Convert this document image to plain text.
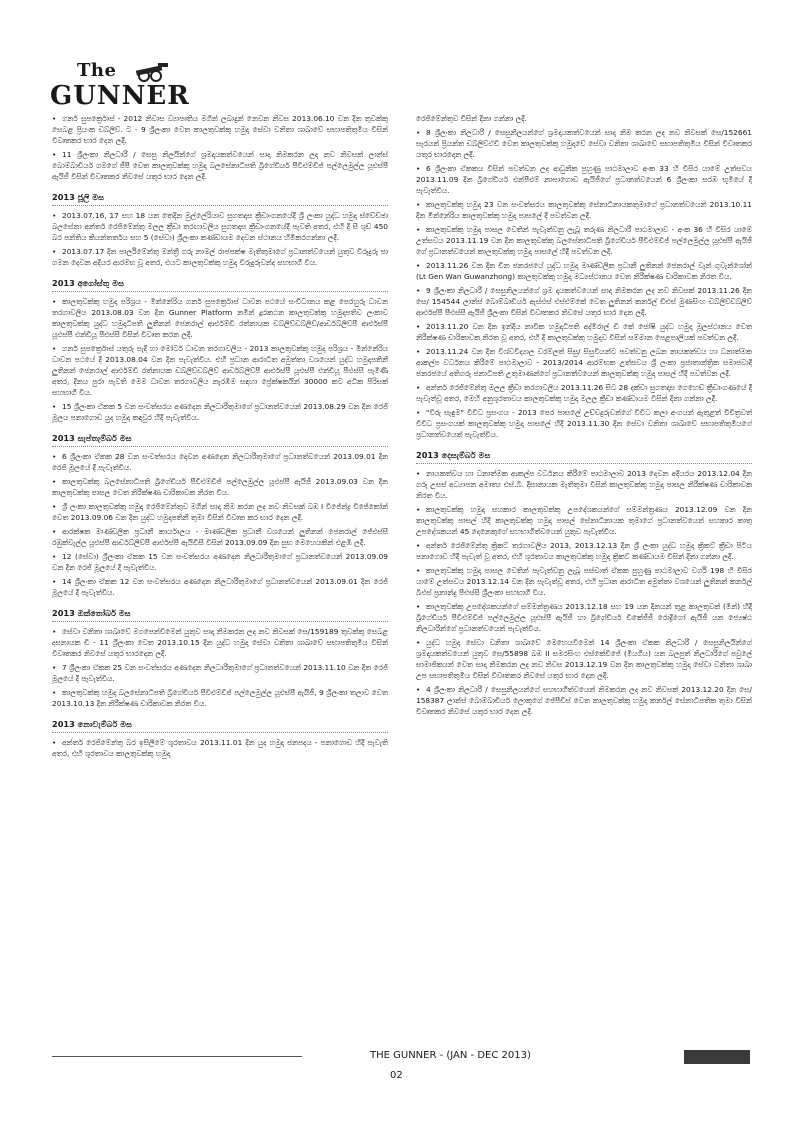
The
GUNNER

• ගනර් සුපර්ක්‍රොස් - 2012 නිවාස ව්‍යාපෘතිය මගින් ලබාදුන් නෙවන නිවස 2013.06.10 වන දින තුවක්කු සෙබළ ප්‍රියංක ඩබ්ලිව්. ට - 9 ශ්‍රීලංකා වෙත කාලතුවක්කු හමුදා සේවා වනිතා ශාඛාවේ සභාපතිතුමිය විසින් විවෘතකර භාර දෙන ලදී.

• 11 ශ්‍රීලංකා නිලධාරී / සෙසු නිලයින්ගේ ශ්‍රමදායකත්වයෙන් සාදා නිමකරන ලද නව නිවසක් ලාන්ස් බොම්බාඩියර් ගමගේ ජීපී වෙත කාලතුවක්කු හමුදා බලසේනාධිපති බ්‍රිගේඩියර් පීවීඑම්ඩීජ් පල්ලෙමුල්ල යූඑස්පී ඇයිජී විසින් විවෘතකර නිවසේ යතුර භාර දෙන ලදී.

2013 ජූලි මස

• 2013.07.16, 17 සහ 18 යන තෙදින මුල්ලේරියාව සුගතදාස ක්‍රීඩාංගනයේදී ශ්‍රී ලංකා යුද්ධ හමුදා ස්වේච්ඡා බලසේනා අන්තර් රෙජිමේන්තු මලල ක්‍රීඩා තරඟාවලිය සුගතදාස ක්‍රීඩාංගනයේදී පැවති අතර, එහි දී සී ශූඩ් 450 බර පන්තිය කියන්තර්තය සහ 5 (සේවා) ශ්‍රීලංකා කණ්ඩායම දෙවන ස්ථානය හිමිකරගන්නා ලදී.

• 2013.07.17 දින පාර්ලිමේන්තු මන්ත්‍රී ගරු නාමල් රාජපක්ෂ මැතිතුමාගේ ප්‍රධානත්වයෙන් යුතුව විරුදුරු පා ගමන දෙවන අදියර ආරම්භ වූ අතර, එයට කාලතුවක්කු හමුදා විරුදුරුවන්ද සහභාගී විය.

2013 අගෝස්තු මස

• කාලතුවක්කු හමුදා පරිශ්‍රය - මින්නේරිය ගනර් සුපර්ක්‍රොස් ධාවන පථයේ සංවිධානය කළ පෙරහුරු ධාවන තරගාවලිය 2013.08.03 වන දින Gunner Platform නමින් දූරකථන කාලතුවක්කු හමුදාපතිව ලංකාව කාලතුවක්කු යුද්ධ හමුදාධිපති ලුතිනන් ජෙනරාල් ආර්එම්ඩී රත්නායක ඩබ්ලිව්ඩබ්ලිව්/ආර්ඩබ්ලිව්පී ආර්එස්පී යූඑස්පී එන්ඩියූ පීඑස්සී විසින් විවෘත කරන ලදී.

• ගනර් සුපර්ක්‍රොස් යතුරු පැදි හා මෝටර් ධාවන තරගාවලිය - 2013 කාලතුවක්කු හමුදා පරිශ්‍රය - මින්නේරිය ධාවන පථයේ දී 2013.08.04 වන දින පැවැත්විය. එහි ප්‍රධාන ආරාධිත අමුත්තා වශයෙන් යුද්ධ හමුදාපතිනී ලුතිනන් ජෙනරාල් ආර්එම්ඩී රත්නායක ඩබ්ලිව්ඩබ්ලිව් ආර්ඩබ්ලිව්පී ආර්එස්පී යූඑස්පී එන්ඩියූ පීඑස්සී පැමිණි අතර, දිනය පුරා පැවති මෙම ධාවන තරගාවලිය නැරඹීම සඳහා ප්‍රේක්ෂකයින් 30000 කට අධික පිරිසක් සහභාගී විය.

• 15 ශ්‍රීලංකා ඒකක 5 වන සංවත්සරය අණදෙන නිලධාරීතුමාගේ ප්‍රධානත්වයෙන් 2013.08.29 වන දින රෙජි මූලය පනාගොඩ යුද හමුදා කඳවුර හිදී පැවැත්විය.

2013 සැප්තැම්බර් මස

• 6 ශ්‍රීලංකා ඒකක 28 වන සංවත්සරය දෙවන අණදෙන නිලධාරීතුමාගේ ප්‍රධානත්වයෙන් 2013.09.01 දින රෙජි මූලයේ දී පැවැත්විය.

• කාලතුවක්කු බලසේනාධිපති බ්‍රිගේඩියර් පීවීඑම්ඩීජ් පල්ලෙමුල්ල යූඑස්පී ඇයිජී 2013.09.03 වන දින කාලතුවක්කු පාසල වෙත නිරීක්ෂණ චාරිකාවක නිරත විය.

• ශ්‍රී ලංකා කාලතුවක්කු හමුදා රෙජිමේන්තුව මගින් සාදා නිම කරන ලද නව නිවසක් බඹ I විජේන්ද්‍ර විජේකෝන් වෙත 2013.09.06 වන දින යුද්ධ හමුදාපතිනී තුමා විසින් විවෘත කර භාර දෙන ලදී.

• ආරක්ෂක මාණ්ඩලික ප්‍රධානී කාර්යාලය - මාණ්ඩලික ප්‍රධානී වශයෙන් ලුතිනන් ජෙනරාල් ජේඑස්සී රඹුක්වැල්ල යූඑස්පී ආර්ඩබ්ලිව්පී ආර්එස්පී ඇයිඩීසී විසින් 2013.09.09 දින සුභ මෙහෙයකින් එළඹී ලදී.

• 12 (සේවා) ශ්‍රීලංකා ඒකක 15 වන සංවත්සරය අණදෙන නිලධාරීතුමාගේ ප්‍රධානත්වයෙන් 2013.09.09 වන දින රෙජි මූලයේ දී පැවැත්විය.

• 14 ශ්‍රීලංකා ඒකක 12 වන සංවත්සරය අණදෙන නිලධාරීතුමාගේ ප්‍රධානත්වයෙන් 2013.09.01 දින රෙජි මූලයේ දී පැවැත්විය.

2013 ඔක්තෝබර් මස

• සේවා වනිතා ශාඛාවේ මගපෙන්වීමෙන් යුතුව සාදා නිමකරන ලද නව නිවසක් සෙ/159189 තුවක්කු සෙබළ දසනායක ඩී - 11 ශ්‍රීලංකා වෙත 2013.10.15 දින යුද්ධ හමුදා සේවා වනිතා ශාඛාවේ සභාපතිතුමිය විසින් විවෘතකර නිවසේ යතුර භාරදෙන ලදී.

• 7 ශ්‍රීලංකා ඒකක 25 වන සංවත්සරය අණදෙන නිලධාරීතුමාගේ ප්‍රධානත්වයෙන් 2013.11.10 වන දින රෙජි මූලයේ දී පැවැත්විය.

• කාලතුවක්කු හමුදා බලසේනාධිපති බ්‍රිගේඩියර් පීවීඑම්ඩීජ් පල්ලෙමුල්ල යූඑස්පී ඇයිජී, 9 ශ්‍රීලංකා තලාව වෙත 2013.10.13 දින නිරීක්ෂණ චාරිකාවක නිරත විය.

2013 නොවැම්බර් මස

• අන්තර් රෙජිමේන්තු බර ඉසිලීමේ ශූරතාවය 2013.11.01 දින යුද හමුදා ජනපදය - පනාගොඩ හිදී පැවැති අතර, එහි ශූරතාවය කාලතුවක්කු හමුදා

රෙජිමේන්තුව විසින් දිනා ගන්නා ලදී.

• 8 ශ්‍රීලංකා නිලධාරී / සෙසුනිලයන්ගේ ශ්‍රමදායකත්වයෙන් සාදා නිම කරන ලද නව නිවසක් සෙ/152661 සැරයන් ප්‍රියන්ත ඩබ්ලිව්ඒඩී වෙත කාලතුවක්කු හමුදාවේ සේවා වනිතා ශාඛාවේ සභාපතිතුමිය විසින් විවෘතකර යතුර භාරදෙන ලදී.

• 6 ශ්‍රීලංකා ඒකකය විසින් පවත්වන ලද ආධුනික පුහුණු පාඨමාලාව අංක 33 හි විසිර යාමේ උත්සවය 2013.11.09 දින බ්‍රිගේඩියර් එන්පීඑම් නාපාගොඩ ඇයිජීගේ ප්‍රධානත්වයෙන් 6 ශ්‍රීලංකා සරඹ භූමියේ දී පැවැත්විය.

• කාලතුවක්කු හමුදා 23 වන සංවත්සරය කාලතුවක්කු සේනාධිනායකතුමාගේ ප්‍රධානත්වයෙන් 2013.10.11 දින මින්නේරිය කාලතුවක්කු හමුදා පාසලේ දී පවත්වන ලදී.

• කාලතුවක්කු හමුදා පාසල වෙතින් පැවැත්වනු ලැබූ තරුණ නිලධාරී පාඨමාලාව - අංක 36 හි විසිර යාමේ උත්සවය 2013.11.19 වන දින කාලතුවක්කු බලසේනාධිපති බ්‍රිගේඩියර් පීවීඑම්ඩීජ් පල්ලෙමුල්ල යූඑස්පී ඇයිජී ගේ ප්‍රධානත්වයෙන් කාලතුවක්කු හමුදා පාසලේ හිදී පවත්වන ලදී.

• 2013.11.26 වන දින චීන ජනරජයේ යුද්ධ හමුදා මාණ්ඩලික ප්‍රධානී ලුතිනන් ජෙනරාල් වැන් ගුවැන්ශෝන් (Lt Gen Wan Guwanzhong) කාලතුවක්කු හමුදා මධ්‍යස්ථානය වෙත නිරීක්ෂණ චාරිකාවක නිරත විය.

• 9 ශ්‍රීලංකා නිලධාරී / සෙසුනිලයන්ගේ ශ්‍රම දායකත්වයෙන් සාදා නිමකරන ලද නව නිවසක් 2013.11.26 දින සෙ/ 154544 ලාන්ස් බොම්බාඩියර් ඇස්එස් එස්එම්කේ වෙත ලුතිනන් කර්නල් ඩීඑස් මුණසිංහ ඩබ්ලිව්ඩබ්ලිව් ආර්එස්පී පීඑස්සී ඇයිජී ශ්‍රීලංකා විසින් විවෘතකර නිවසේ යතුර භාර දෙන ලදී.

• 2013.11.20 වන දින ඉන්දීය නාවික හමුදාධිපති අද්මිරාල් ඩී කේ ජෝෂි යුද්ධ හමුදා මූලස්ථානය වෙත නිරීක්ෂණ චාරිකාවක නිරත වූ අතර, එහි දී කාලතුවක්කු හමුදාව විසින් සම්මාන පෙළපාලියක් පවත්වන ලදී.

• 2013.11.24 වන දින විශ්වවිද්‍යාල වරම්ලත් සිසු/ සිසුවියන්ට පවත්වනු ලබන නායකත්වය හා ධනාත්මක ආකල්ප වර්ධනය කිරීමේ පාඨමාලාව - 2013/2014 ආරම්භක උත්සවය ශ්‍රී ලංකා ප්‍රජාතාන්ත්‍රික සමාජවාදී ජනරජයේ අතිගරු ජනාධිපති උතුමාණන්ගේ ප්‍රධානත්වයෙන් කාලතුවක්කු හමුදා පාසල් හිදී පවත්වන ලදී.

• අන්තර් රෙජිමේන්තු මලල ක්‍රීඩා තරගාවලිය 2013.11.26 සිට 28 දක්වා සුගතදාස ගෙහෙඩ් ක්‍රීඩාංගණයේ දී පැවැත්වූ අතර, මෙහි අනුශූරතාවය කාලතුවක්කු හමුදා මලල ක්‍රීඩා කණ්ඩායම විසින් දිනා ගන්නා ලදී.

• "විරු සැඳුම" විවිධ ප්‍රසංගය - 2013 පෙර පාසලේ උච්චදුරුවන්ගේ විවිධ කලා අංගයන් ඇතුළත් විචිත්‍රවත් විවිධ ප්‍රසංගයක් කාලතුවක්කු හමුදා පාසලේ හිදී 2013.11.30 දින සේවා වනිතා ශාඛාවේ සභාපතිතුමියගේ ප්‍රධානත්වයෙන් පැවැත්විය.

2013 දෙසැම්බර් මස

• නායකත්වය හා ධනාත්මක ආකල්ප වර්ධනය කිරීමේ පාඨමාලාව 2013 දෙවන අදියරය 2013.12.04 දින ගරු උසස් අධ්‍යාපන අමාත්‍ය එස්.බී. දිසානායක මැතිතුමා විසින් කාලතුවක්කු හමුදා පාසල නිරීක්ෂණ චාරිකාවක නිරත විය.

• කාලතුවක්කු හමුදා සහකාර කාලතුවක්කු උපදේශකයන්ගේ සම්මන්ත්‍රණය 2013.12.09 වන දින කාලතුවක්කු පාසල් හිදී කාලතුවක්කු හමුදා පාසල් සේනාධිනායක තුමාගේ ප්‍රධානත්වයෙන් සහකාර කාතු උපදේශකයන් 45 දෙනෙකුගේ සහභාගීත්වයෙන් යුතුව පැවැත්විය.

• අන්තර් රෙජිමේන්තු ක්‍රිකට් තරගාවලිය 2013, 2013.12.13 දින ශ්‍රී ලංකා යුද්ධ හමුදා ක්‍රිකට් ක්‍රීඩා පිටිය පනාගොඩ හිදී පැවැත් වූ අතර, එහි ශූරතාවය කාලතුවක්කු හමුදා ක්‍රිකට් කණ්ඩායම විසින් දිනා ගන්නා ලදී.

• කාලතුවක්කු හමුදා පාසල වෙතින් පැවැත්වනු ලැබූ පස්චාත් ඒකක පුහුණු පාඨමාලාව වර්ගි 198 හි විසිර යාමේ උත්සවය 2013.12.14 වන දින පැවැත්වූ අතර, එහි ප්‍රධාන ආරාධිත අමුත්තා වශයෙන් ලුතිනන් කර්නල් බීඑස් ප්‍රනාන්දු පීඑස්සී ශ්‍රීලංකා සහභාගී විය.

• කාලතුවක්කු උපදේශකයන්ගේ සම්මන්ත්‍රණය 2013.12.18 සහ 19 යන දිනයන් තුළ කාලතුවක් (මීන්) හිදී බ්‍රිගේඩියර් පීවීඑම්ඩීජ් පල්ලෙමුල්ල යූඑස්පී ඇයිජී හා බ්‍රිගේඩියර් ඩීකේජීජී රොද්‍රිගෝ ඇයිජී යන ජ්‍යෙෂ්ඨ නිලධාරීන්ගේ ප්‍රධානත්වයෙන් පැවැත්විය.

• යුද්ධ හමුදා සේවා වනිතා ශාඛාවේ මෙහෙයවීමෙන් 14 ශ්‍රීලංකා ඒකක නිලධාරී / සෙසුනිලයින්ගේ ශ්‍රමදායකත්වයෙන් යුතුව සෙ/55898 බඹ II සමරසිංහ එස්කේඩීජේ (මියගිය) යන බලපුත් නිලධාරීගේ පවුලේ සාමාජිකයන් වෙත සාදා නිමකරන ලද නව නිවස 2013.12.19 වන දින කාලතුවක්කු හමුදා සේවා වනිතා ශාඛා උප සභාපතිතුමිය විසින් විවෘතකර නිවසේ යතුර භාර දෙන ලදී.

• 4 ශ්‍රීලංකා නිලධාරී / සෙසුනිලයන්ගේ සහභාගීත්වයෙන් නිමකරන ලද නව නිවසක් 2013.12.20 දින සෙ/ 158387 ලාන්ස් බොම්බාඩියර් ලොකුගේ ජේපීඩීස් වෙත කාලතුවක්කු හමුදා කර්නල් සේනාධිපතික තුමා විසින් විවෘතකර නිවසේ යතුර භාර දෙන ලදී.

THE GUNNER - (JAN - DEC 2013)
02
